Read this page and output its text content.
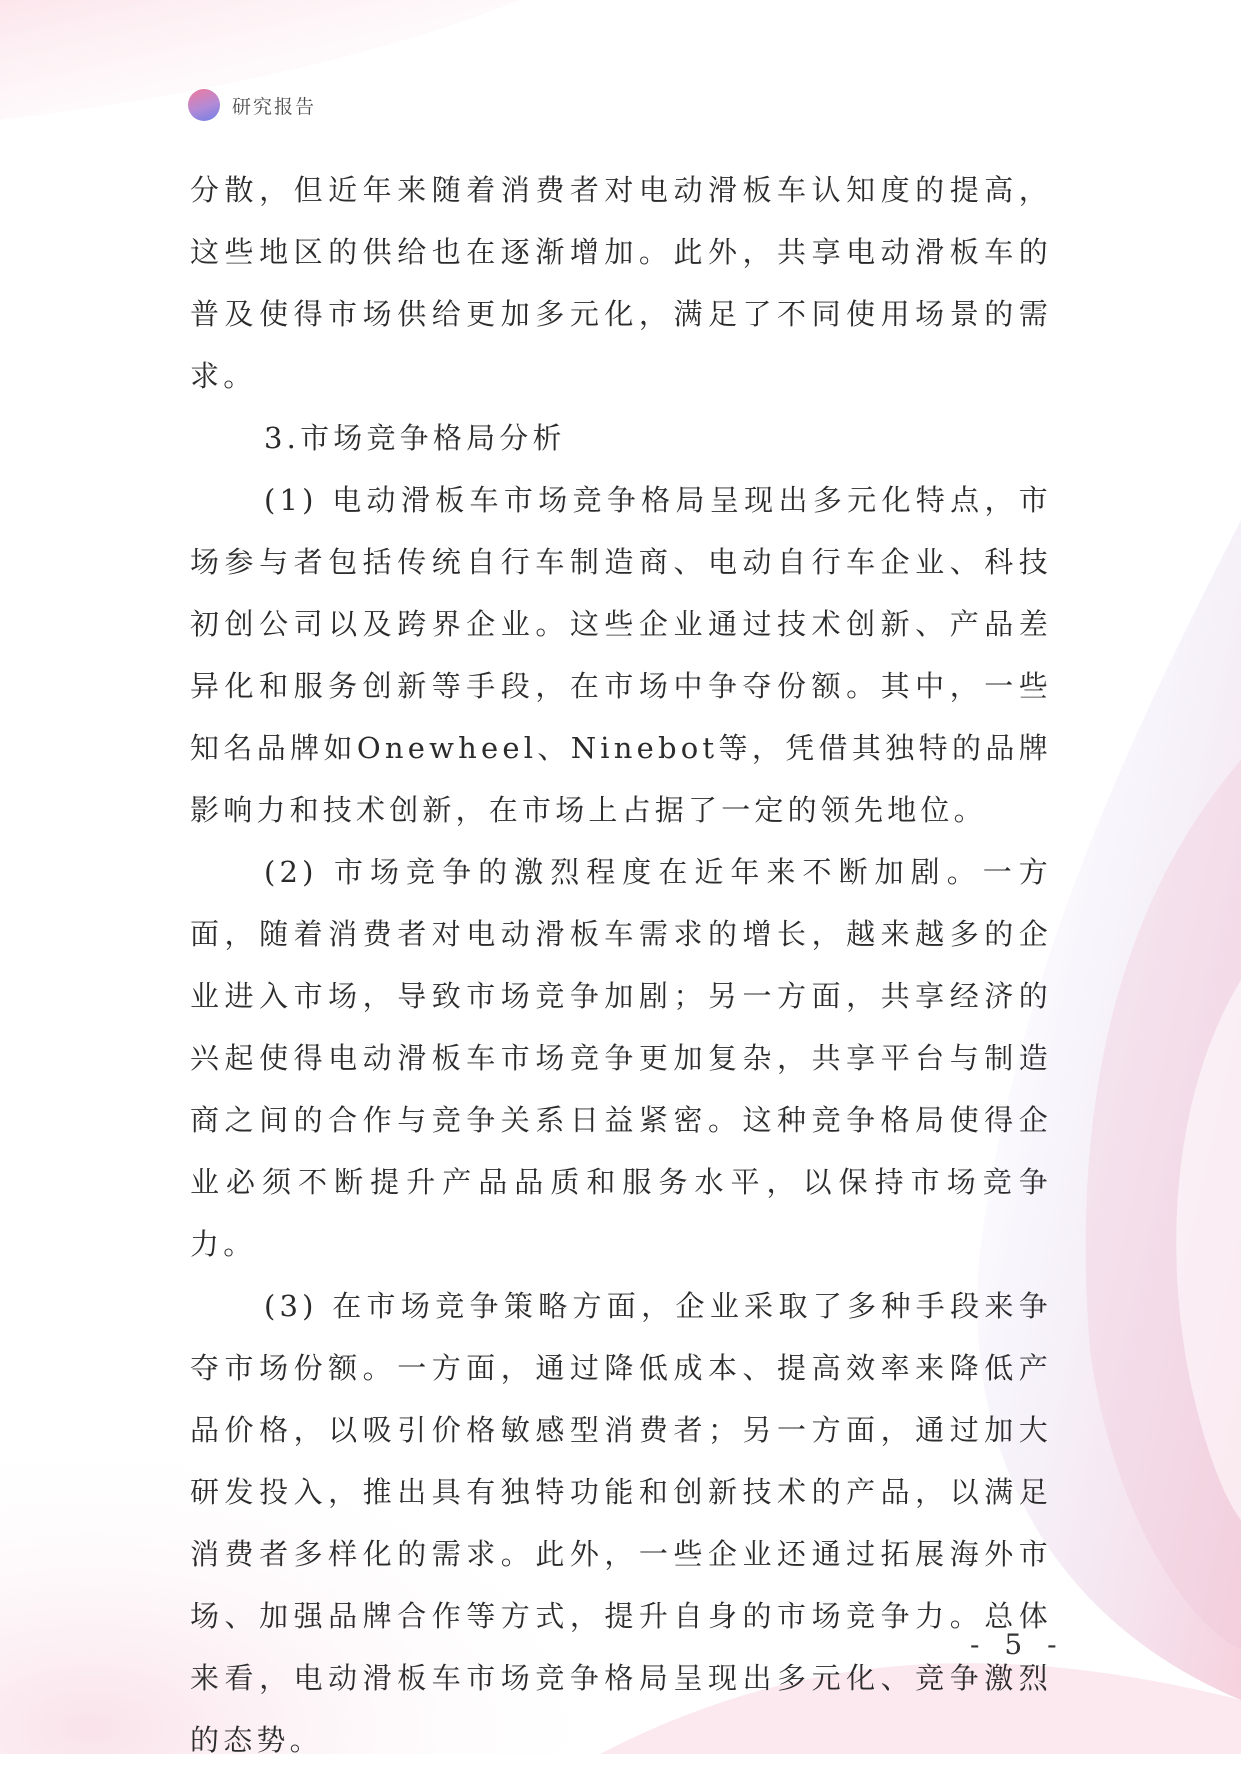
研究报告

分散，但近年来随着消费者对电动滑板车认知度的提高，这些地区的供给也在逐渐增加。此外，共享电动滑板车的普及使得市场供给更加多元化，满足了不同使用场景的需求。

3.市场竞争格局分析

(1) 电动滑板车市场竞争格局呈现出多元化特点，市场参与者包括传统自行车制造商、电动自行车企业、科技初创公司以及跨界企业。这些企业通过技术创新、产品差异化和服务创新等手段，在市场中争夺份额。其中，一些知名品牌如Onewheel、Ninebot等，凭借其独特的品牌影响力和技术创新，在市场上占据了一定的领先地位。

(2) 市场竞争的激烈程度在近年来不断加剧。一方面，随着消费者对电动滑板车需求的增长，越来越多的企业进入市场，导致市场竞争加剧；另一方面，共享经济的兴起使得电动滑板车市场竞争更加复杂，共享平台与制造商之间的合作与竞争关系日益紧密。这种竞争格局使得企业必须不断提升产品品质和服务水平，以保持市场竞争力。

(3) 在市场竞争策略方面，企业采取了多种手段来争夺市场份额。一方面，通过降低成本、提高效率来降低产品价格，以吸引价格敏感型消费者；另一方面，通过加大研发投入，推出具有独特功能和创新技术的产品，以满足消费者多样化的需求。此外，一些企业还通过拓展海外市场、加强品牌合作等方式，提升自身的市场竞争力。总体来看，电动滑板车市场竞争格局呈现出多元化、竞争激烈的态势。

- 5 -
